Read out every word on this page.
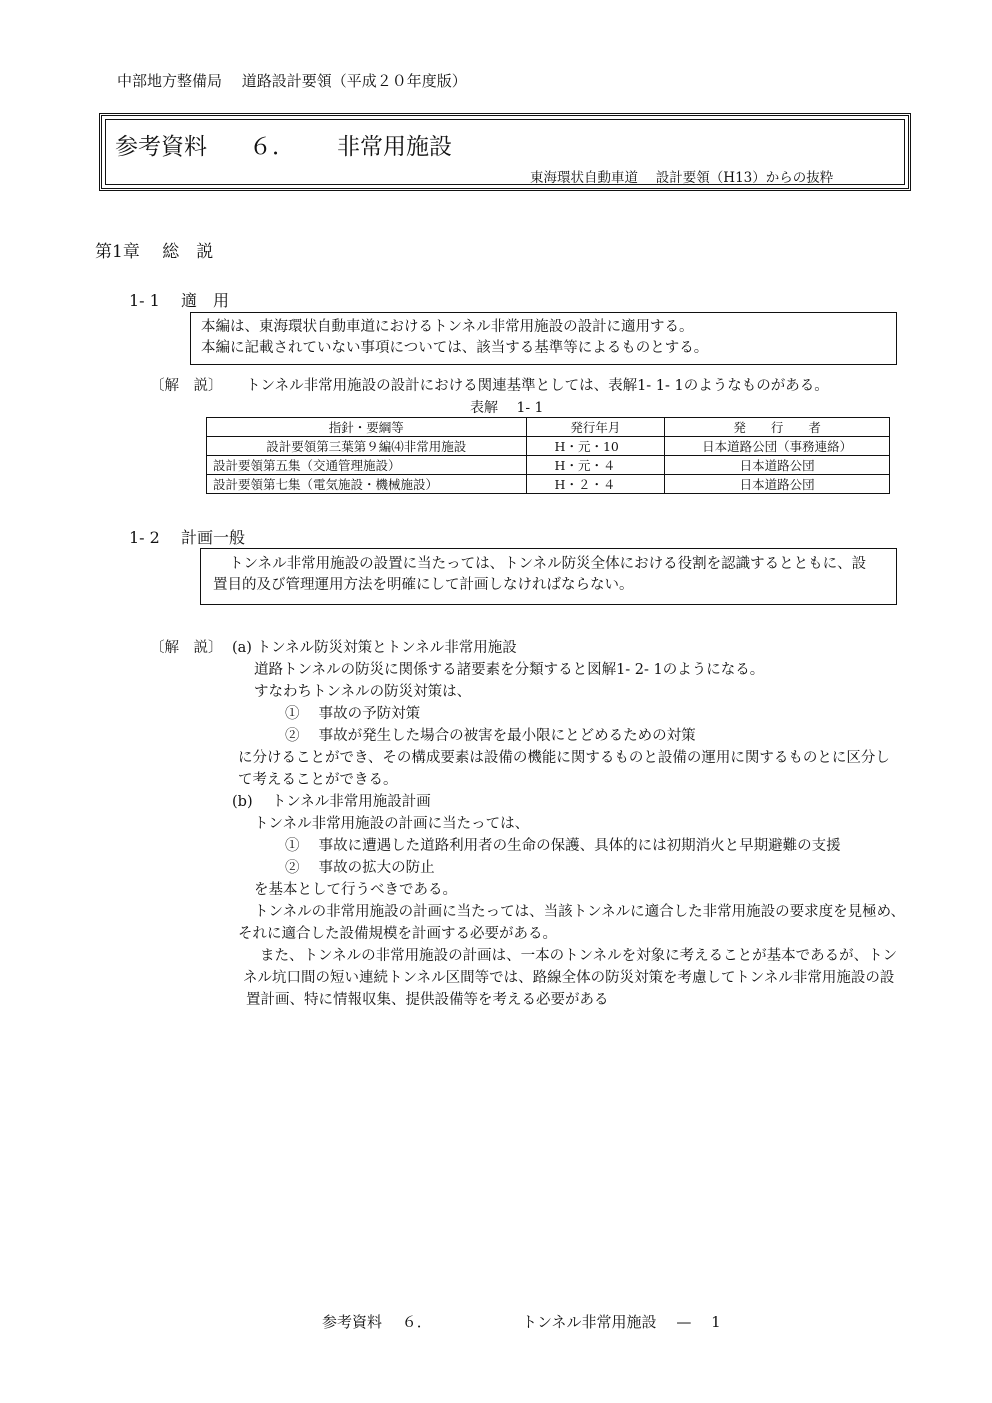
中部地方整備局　 道路設計要領（平成２０年度版）
参考資料 ６． 非常用施設
東海環状自動車道　 設計要領（H13）からの抜粋
第1章　 総　説
1- 1　 適　用
本編は、東海環状自動車道におけるトンネル非常用施設の設計に適用する。
本編に記載されていない事項については、該当する基準等によるものとする。
〔解　説〕 トンネル非常用施設の設計における関連基準としては、表解1- 1- 1のようなものがある。
表解　 1- 1
指針・要綱等	発行年月	発　　行　　者
設計要領第三葉第９編⑷非常用施設	H・元・10	日本道路公団（事務連絡）
設計要領第五集（交通管理施設）	H・元・４	日本道路公団
設計要領第七集（電気施設・機械施設）	H・２・４	日本道路公団
1- 2　 計画一般
トンネル非常用施設の設置に当たっては、トンネル防災全体における役割を認識するとともに、設
置目的及び管理運用方法を明確にして計画しなければならない。
〔解　説〕 (a) トンネル防災対策とトンネル非常用施設
道路トンネルの防災に関係する諸要素を分類すると図解1- 2- 1のようになる。
すなわちトンネルの防災対策は、
①　 事故の予防対策
②　 事故が発生した場合の被害を最小限にとどめるための対策
に分けることができ、その構成要素は設備の機能に関するものと設備の運用に関するものとに区分し
て考えることができる。
(b)　 トンネル非常用施設計画
トンネル非常用施設の計画に当たっては、
①　 事故に遭遇した道路利用者の生命の保護、具体的には初期消火と早期避難の支援
②　 事故の拡大の防止
を基本として行うべきである。
トンネルの非常用施設の計画に当たっては、当該トンネルに適合した非常用施設の要求度を見極め、
それに適合した設備規模を計画する必要がある。
また、トンネルの非常用施設の計画は、一本のトンネルを対象に考えることが基本であるが、トン
ネル坑口間の短い連続トンネル区間等では、路線全体の防災対策を考慮してトンネル非常用施設の設
置計画、特に情報収集、提供設備等を考える必要がある
参考資料　 ６．	トンネル非常用施設　 —　 1
